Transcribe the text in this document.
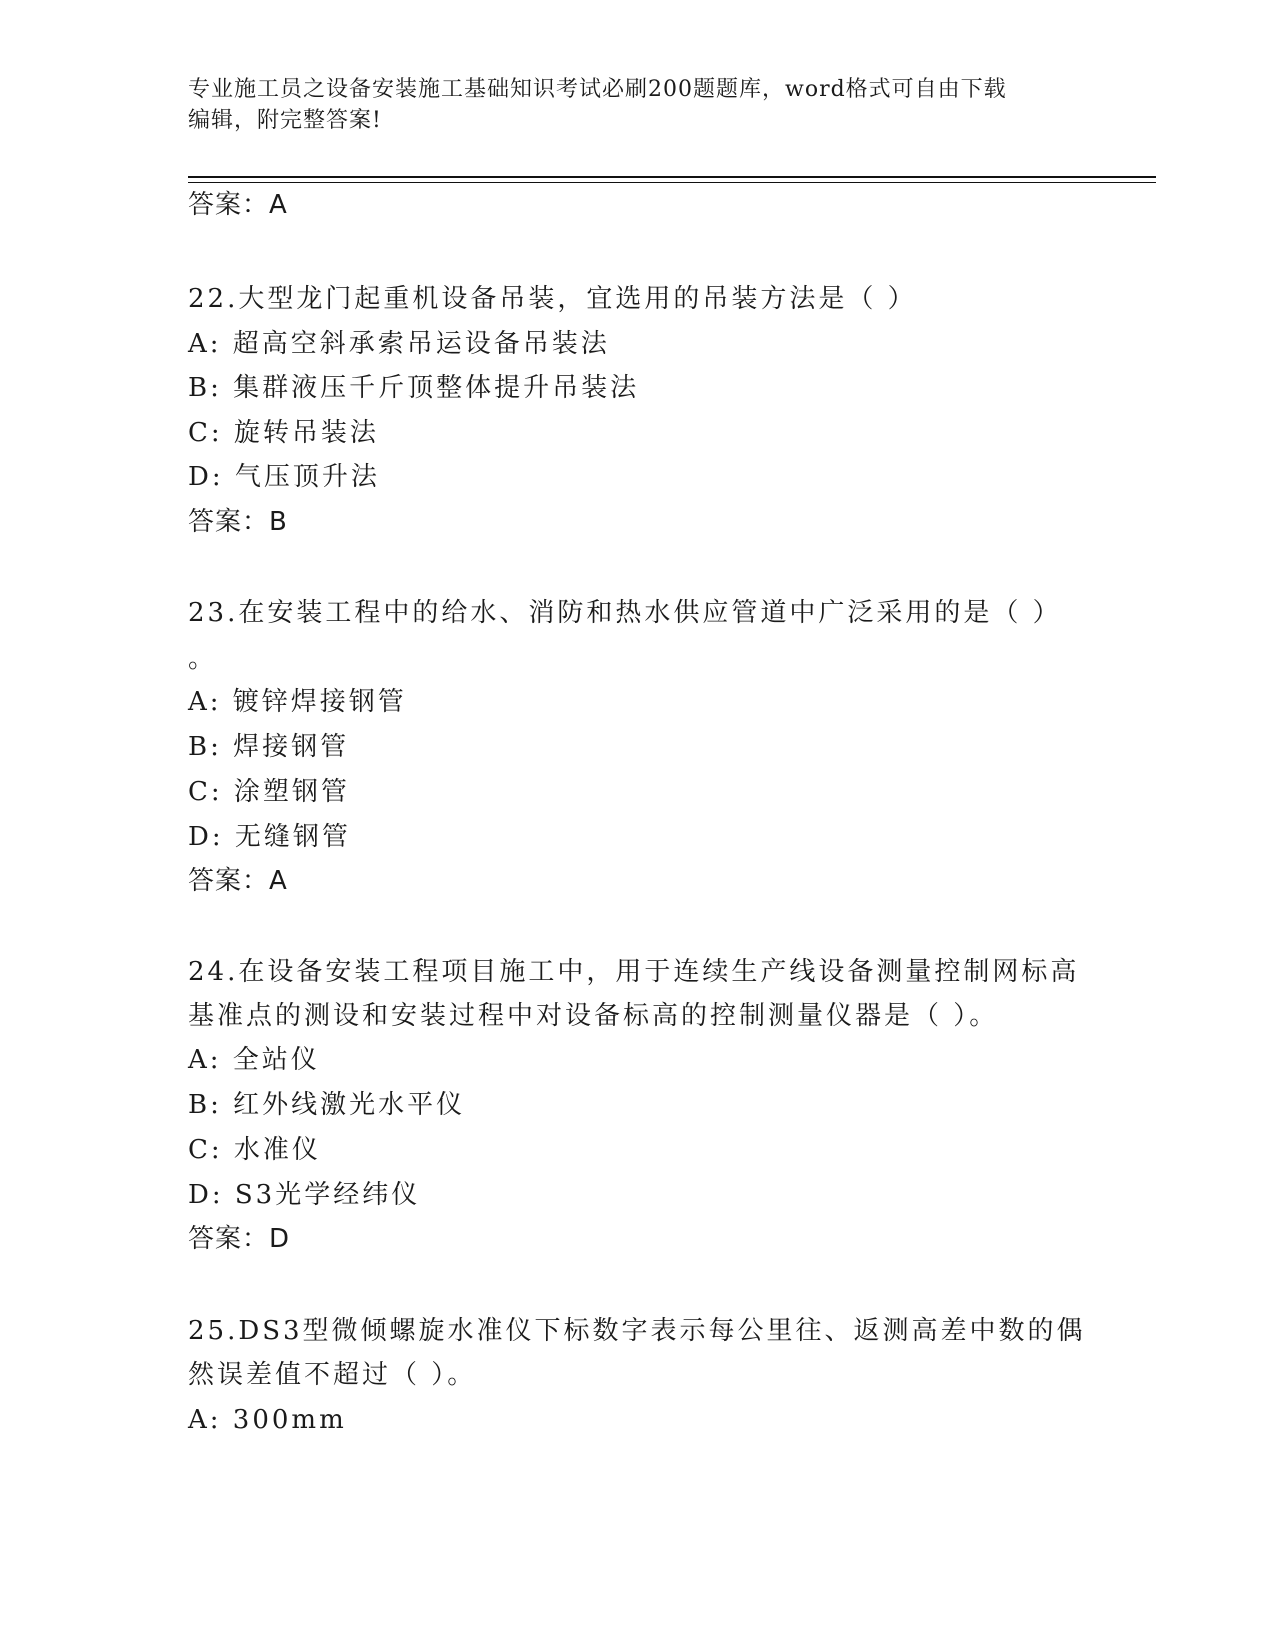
专业施工员之设备安装施工基础知识考试必刷200题题库，word格式可自由下载
编辑，附完整答案!
答案：A
22.大型龙门起重机设备吊装，宜选用的吊装方法是（ ）
A: 超高空斜承索吊运设备吊装法
B: 集群液压千斤顶整体提升吊装法
C: 旋转吊装法
D: 气压顶升法
答案：B
23.在安装工程中的给水、消防和热水供应管道中广泛采用的是（ ）
。
A: 镀锌焊接钢管
B: 焊接钢管
C: 涂塑钢管
D: 无缝钢管
答案：A
24.在设备安装工程项目施工中，用于连续生产线设备测量控制网标高
基准点的测设和安装过程中对设备标高的控制测量仪器是（ ）。
A: 全站仪
B: 红外线激光水平仪
C: 水准仪
D: S3光学经纬仪
答案：D
25.DS3型微倾螺旋水准仪下标数字表示每公里往、返测高差中数的偶
然误差值不超过（ ）。
A: 300mm
